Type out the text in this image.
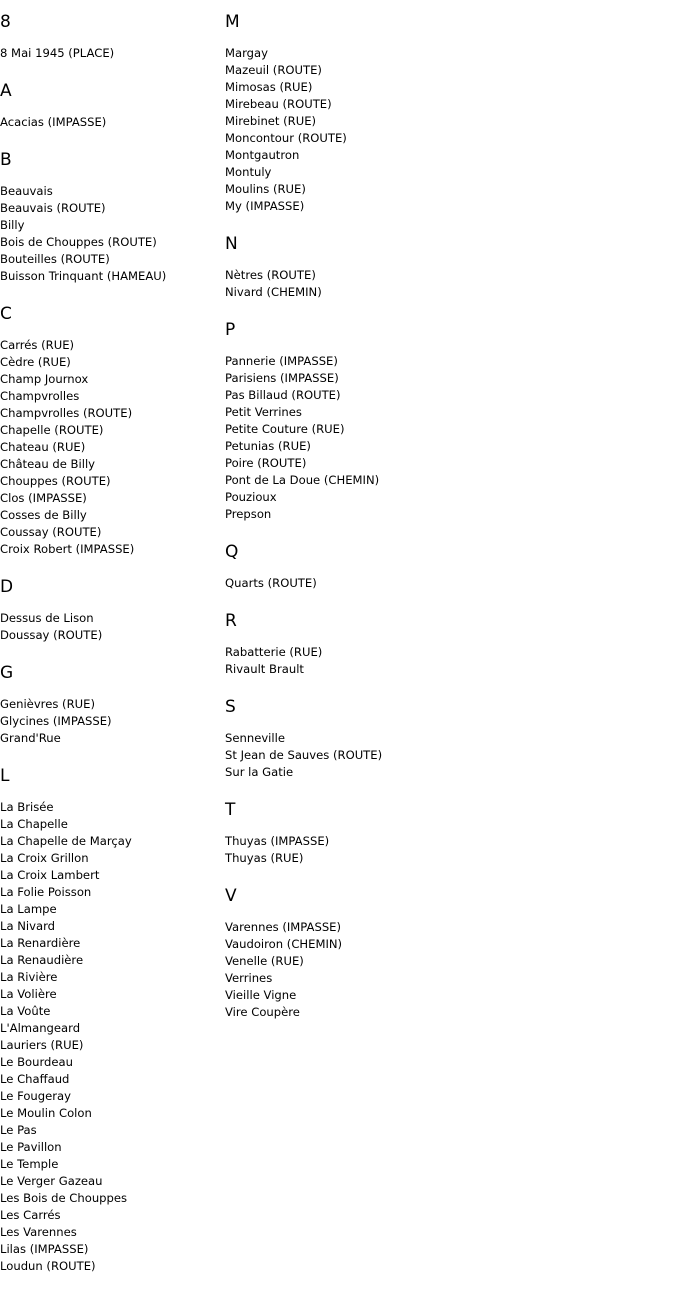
8
8 Mai 1945 (PLACE)
A
Acacias (IMPASSE)
B
Beauvais
Beauvais (ROUTE)
Billy
Bois de Chouppes (ROUTE)
Bouteilles (ROUTE)
Buisson Trinquant (HAMEAU)
C
Carrés (RUE)
Cèdre (RUE)
Champ Journox
Champvrolles
Champvrolles (ROUTE)
Chapelle (ROUTE)
Chateau (RUE)
Château de Billy
Chouppes (ROUTE)
Clos (IMPASSE)
Cosses de Billy
Coussay (ROUTE)
Croix Robert (IMPASSE)
D
Dessus de Lison
Doussay (ROUTE)
G
Genièvres (RUE)
Glycines (IMPASSE)
Grand'Rue
L
La Brisée
La Chapelle
La Chapelle de Marçay
La Croix Grillon
La Croix Lambert
La Folie Poisson
La Lampe
La Nivard
La Renardière
La Renaudière
La Rivière
La Volière
La Voûte
L'Almangeard
Lauriers (RUE)
Le Bourdeau
Le Chaffaud
Le Fougeray
Le Moulin Colon
Le Pas
Le Pavillon
Le Temple
Le Verger Gazeau
Les Bois de Chouppes
Les Carrés
Les Varennes
Lilas (IMPASSE)
Loudun (ROUTE)
M
Margay
Mazeuil (ROUTE)
Mimosas (RUE)
Mirebeau (ROUTE)
Mirebinet (RUE)
Moncontour (ROUTE)
Montgautron
Montuly
Moulins (RUE)
My (IMPASSE)
N
Nètres (ROUTE)
Nivard (CHEMIN)
P
Pannerie (IMPASSE)
Parisiens (IMPASSE)
Pas Billaud (ROUTE)
Petit Verrines
Petite Couture (RUE)
Petunias (RUE)
Poire (ROUTE)
Pont de La Doue (CHEMIN)
Pouzioux
Prepson
Q
Quarts (ROUTE)
R
Rabatterie (RUE)
Rivault Brault
S
Senneville
St Jean de Sauves (ROUTE)
Sur la Gatie
T
Thuyas (IMPASSE)
Thuyas (RUE)
V
Varennes (IMPASSE)
Vaudoiron (CHEMIN)
Venelle (RUE)
Verrines
Vieille Vigne
Vire Coupère
